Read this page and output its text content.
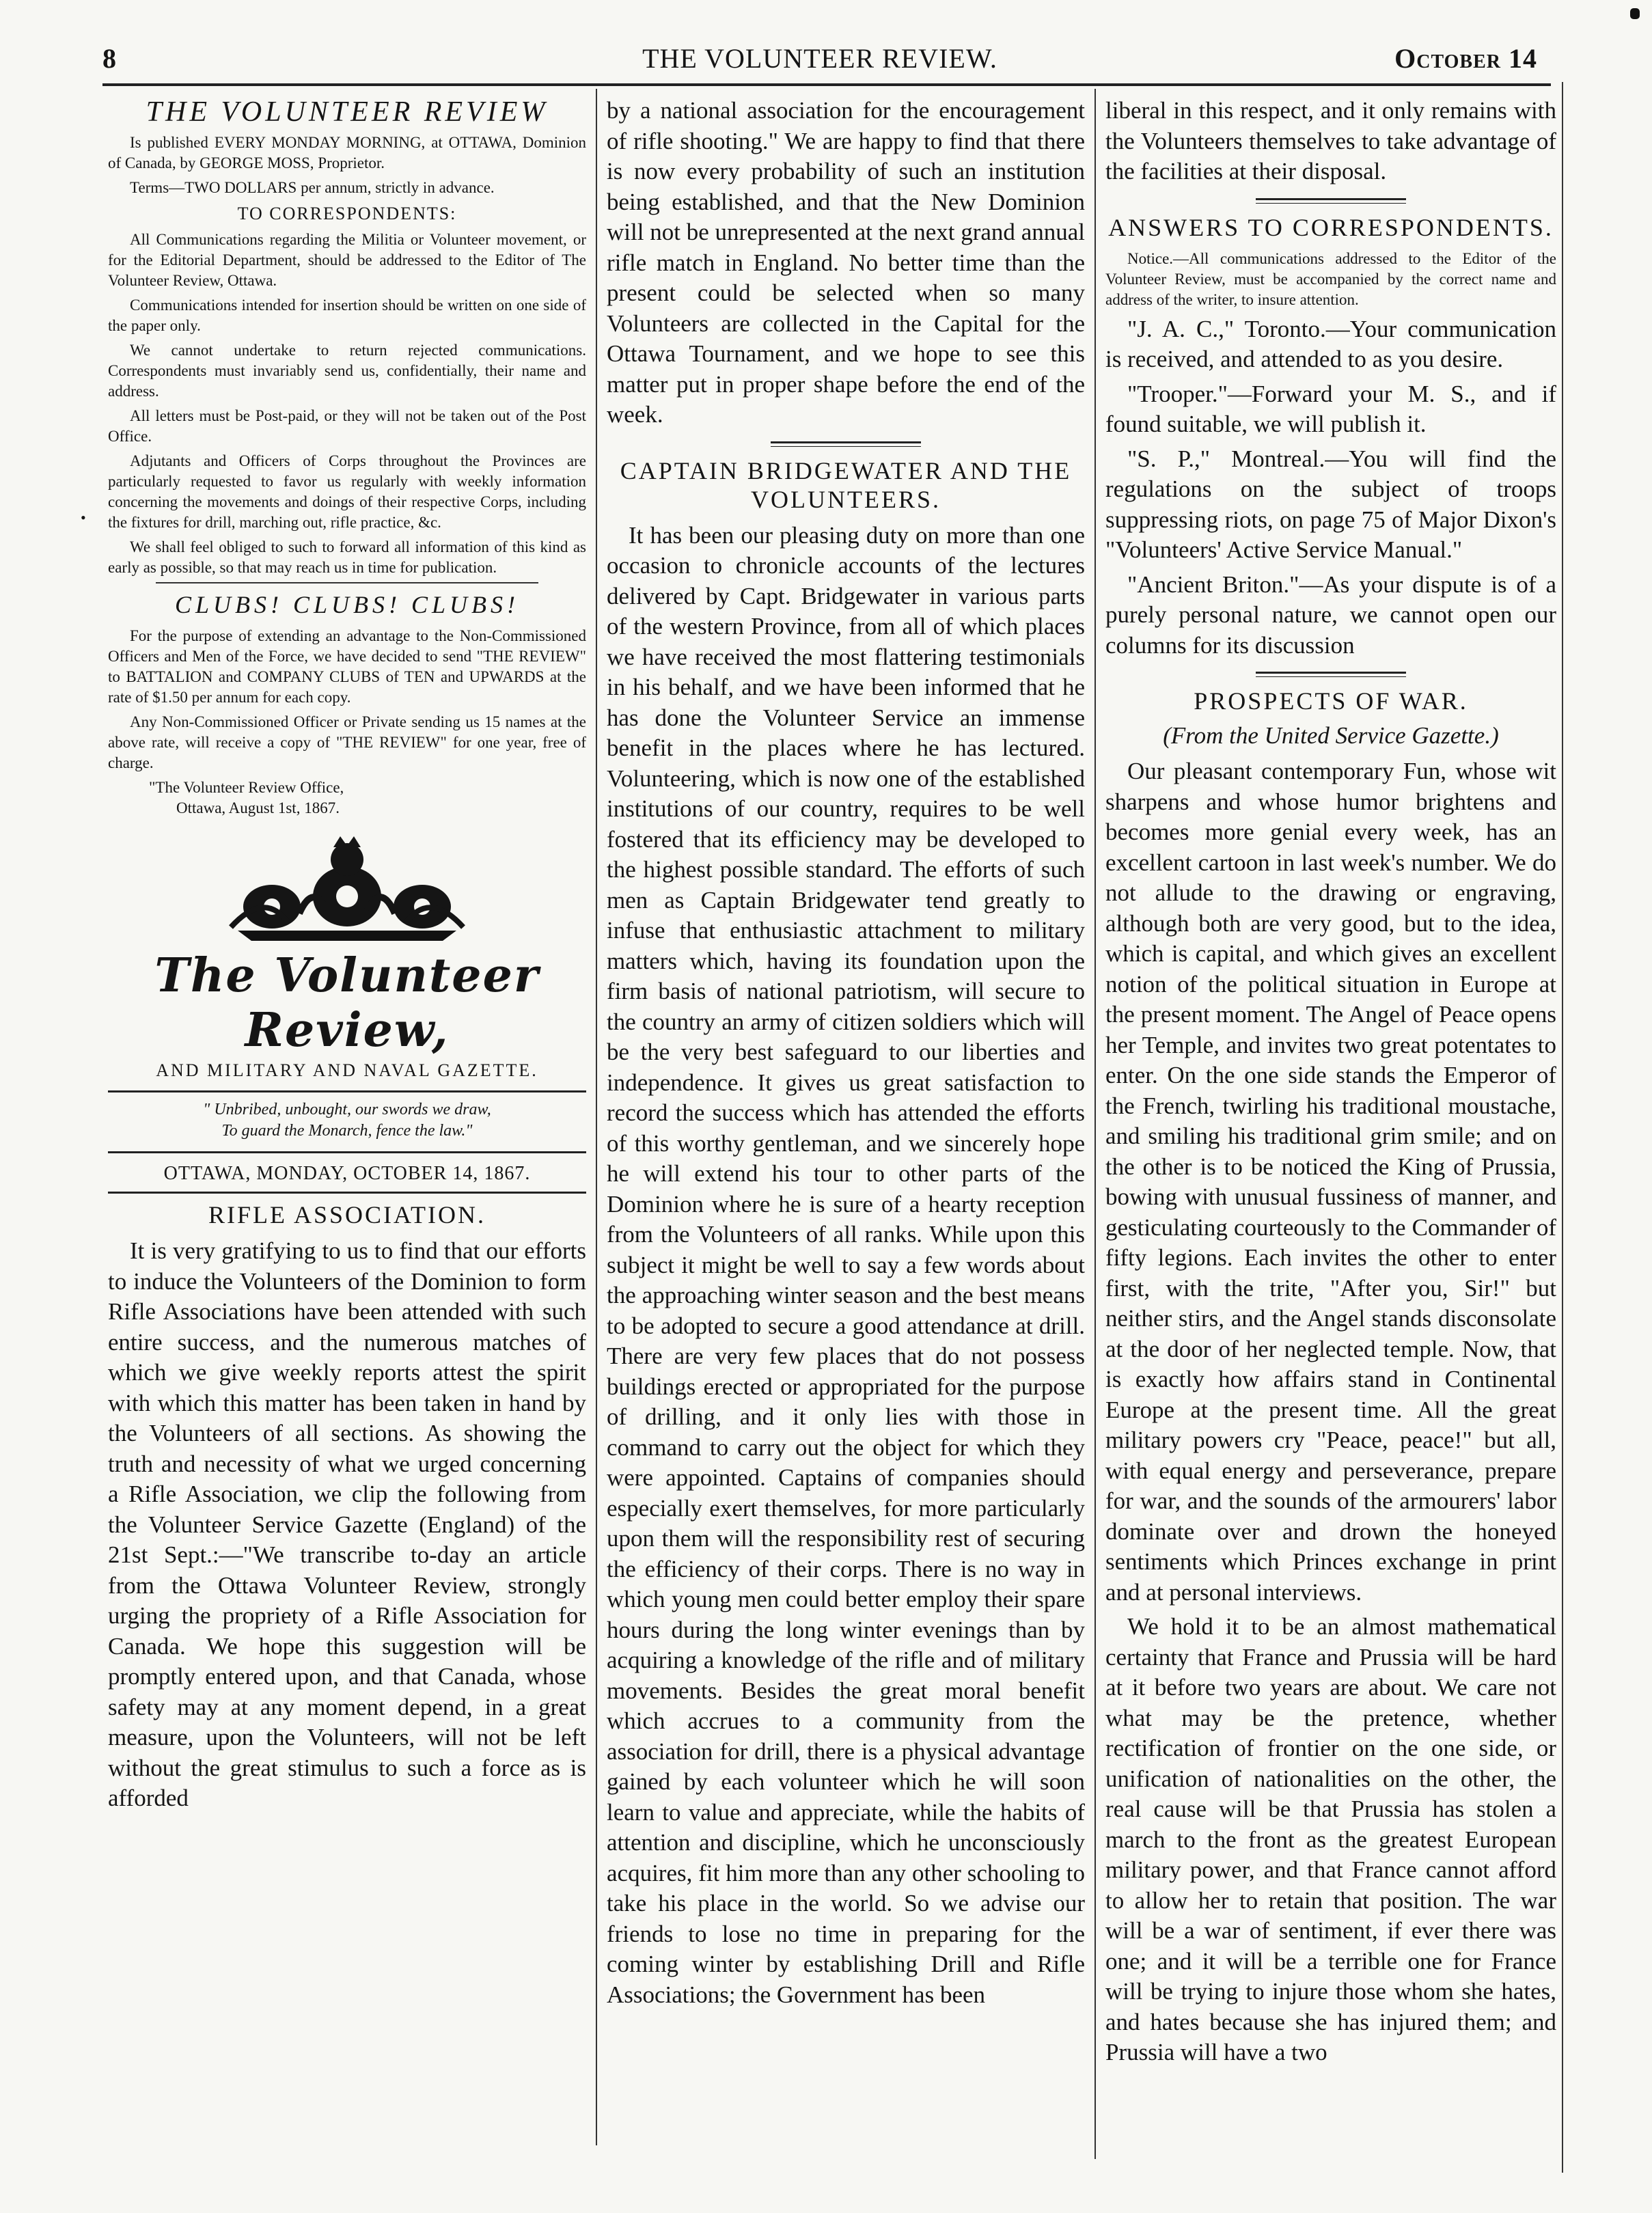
8	THE VOLUNTEER REVIEW.	October 14
•
THE VOLUNTEER REVIEW

Is published EVERY MONDAY MORNING, at OTTAWA, Dominion of Canada, by GEORGE MOSS, Proprietor.

Terms—TWO DOLLARS per annum, strictly in advance.

TO CORRESPONDENTS:

All Communications regarding the Militia or Volunteer movement, or for the Editorial Department, should be addressed to the Editor of The Volunteer Review, Ottawa.

Communications intended for insertion should be written on one side of the paper only.

We cannot undertake to return rejected communications. Correspondents must invariably send us, confidentially, their name and address.

All letters must be Post-paid, or they will not be taken out of the Post Office.

Adjutants and Officers of Corps throughout the Provinces are particularly requested to favor us regularly with weekly information concerning the movements and doings of their respective Corps, including the fixtures for drill, marching out, rifle practice, &c.

We shall feel obliged to such to forward all information of this kind as early as possible, so that may reach us in time for publication.

CLUBS! CLUBS! CLUBS!

For the purpose of extending an advantage to the Non-Commissioned Officers and Men of the Force, we have decided to send "THE REVIEW" to BATTALION and COMPANY CLUBS of TEN and UPWARDS at the rate of $1.50 per annum for each copy.

Any Non-Commissioned Officer or Private sending us 15 names at the above rate, will receive a copy of "THE REVIEW" for one year, free of charge.

"The Volunteer Review Office,
Ottawa, August 1st, 1867.
The Volunteer Review,
AND MILITARY AND NAVAL GAZETTE.
" Unbribed, unbought, our swords we draw,
To guard the Monarch, fence the law."
OTTAWA, MONDAY, OCTOBER 14, 1867.
RIFLE ASSOCIATION.

It is very gratifying to us to find that our efforts to induce the Volunteers of the Dominion to form Rifle Associations have been attended with such entire success, and the numerous matches of which we give weekly reports attest the spirit with which this matter has been taken in hand by the Volunteers of all sections. As showing the truth and necessity of what we urged concerning a Rifle Association, we clip the following from the Volunteer Service Gazette (England) of the 21st Sept.:—"We transcribe to-day an article from the Ottawa Volunteer Review, strongly urging the propriety of a Rifle Association for Canada. We hope this suggestion will be promptly entered upon, and that Canada, whose safety may at any moment depend, in a great measure, upon the Volunteers, will not be left without the great stimulus to such a force as is afforded

by a national association for the encouragement of rifle shooting." We are happy to find that there is now every probability of such an institution being established, and that the New Dominion will not be unrepresented at the next grand annual rifle match in England. No better time than the present could be selected when so many Volunteers are collected in the Capital for the Ottawa Tournament, and we hope to see this matter put in proper shape before the end of the week.

CAPTAIN BRIDGEWATER AND THE VOLUNTEERS.

It has been our pleasing duty on more than one occasion to chronicle accounts of the lectures delivered by Capt. Bridgewater in various parts of the western Province, from all of which places we have received the most flattering testimonials in his behalf, and we have been informed that he has done the Volunteer Service an immense benefit in the places where he has lectured. Volunteering, which is now one of the established institutions of our country, requires to be well fostered that its efficiency may be developed to the highest possible standard. The efforts of such men as Captain Bridgewater tend greatly to infuse that enthusiastic attachment to military matters which, having its foundation upon the firm basis of national patriotism, will secure to the country an army of citizen soldiers which will be the very best safeguard to our liberties and independence. It gives us great satisfaction to record the success which has attended the efforts of this worthy gentleman, and we sincerely hope he will extend his tour to other parts of the Dominion where he is sure of a hearty reception from the Volunteers of all ranks. While upon this subject it might be well to say a few words about the approaching winter season and the best means to be adopted to secure a good attendance at drill. There are very few places that do not possess buildings erected or appropriated for the purpose of drilling, and it only lies with those in command to carry out the object for which they were appointed. Captains of companies should especially exert themselves, for more particularly upon them will the responsibility rest of securing the efficiency of their corps. There is no way in which young men could better employ their spare hours during the long winter evenings than by acquiring a knowledge of the rifle and of military movements. Besides the great moral benefit which accrues to a community from the association for drill, there is a physical advantage gained by each volunteer which he will soon learn to value and appreciate, while the habits of attention and discipline, which he unconsciously acquires, fit him more than any other schooling to take his place in the world. So we advise our friends to lose no time in preparing for the coming winter by establishing Drill and Rifle Associations; the Government has been

liberal in this respect, and it only remains with the Volunteers themselves to take advantage of the facilities at their disposal.

ANSWERS TO CORRESPONDENTS.

Notice.—All communications addressed to the Editor of the Volunteer Review, must be accompanied by the correct name and address of the writer, to insure attention.

"J. A. C.," Toronto.—Your communication is received, and attended to as you desire.

"Trooper."—Forward your M. S., and if found suitable, we will publish it.

"S. P.," Montreal.—You will find the regulations on the subject of troops suppressing riots, on page 75 of Major Dixon's "Volunteers' Active Service Manual."

"Ancient Briton."—As your dispute is of a purely personal nature, we cannot open our columns for its discussion

PROSPECTS OF WAR.
(From the United Service Gazette.)

Our pleasant contemporary Fun, whose wit sharpens and whose humor brightens and becomes more genial every week, has an excellent cartoon in last week's number. We do not allude to the drawing or engraving, although both are very good, but to the idea, which is capital, and which gives an excellent notion of the political situation in Europe at the present moment. The Angel of Peace opens her Temple, and invites two great potentates to enter. On the one side stands the Emperor of the French, twirling his traditional moustache, and smiling his traditional grim smile; and on the other is to be noticed the King of Prussia, bowing with unusual fussiness of manner, and gesticulating courteously to the Commander of fifty legions. Each invites the other to enter first, with the trite, "After you, Sir!" but neither stirs, and the Angel stands disconsolate at the door of her neglected temple. Now, that is exactly how affairs stand in Continental Europe at the present time. All the great military powers cry "Peace, peace!" but all, with equal energy and perseverance, prepare for war, and the sounds of the armourers' labor dominate over and drown the honeyed sentiments which Princes exchange in print and at personal interviews.

We hold it to be an almost mathematical certainty that France and Prussia will be hard at it before two years are about. We care not what may be the pretence, whether rectification of frontier on the one side, or unification of nationalities on the other, the real cause will be that Prussia has stolen a march to the front as the greatest European military power, and that France cannot afford to allow her to retain that position. The war will be a war of sentiment, if ever there was one; and it will be a terrible one for France will be trying to injure those whom she hates, and hates because she has injured them; and Prussia will have a two
